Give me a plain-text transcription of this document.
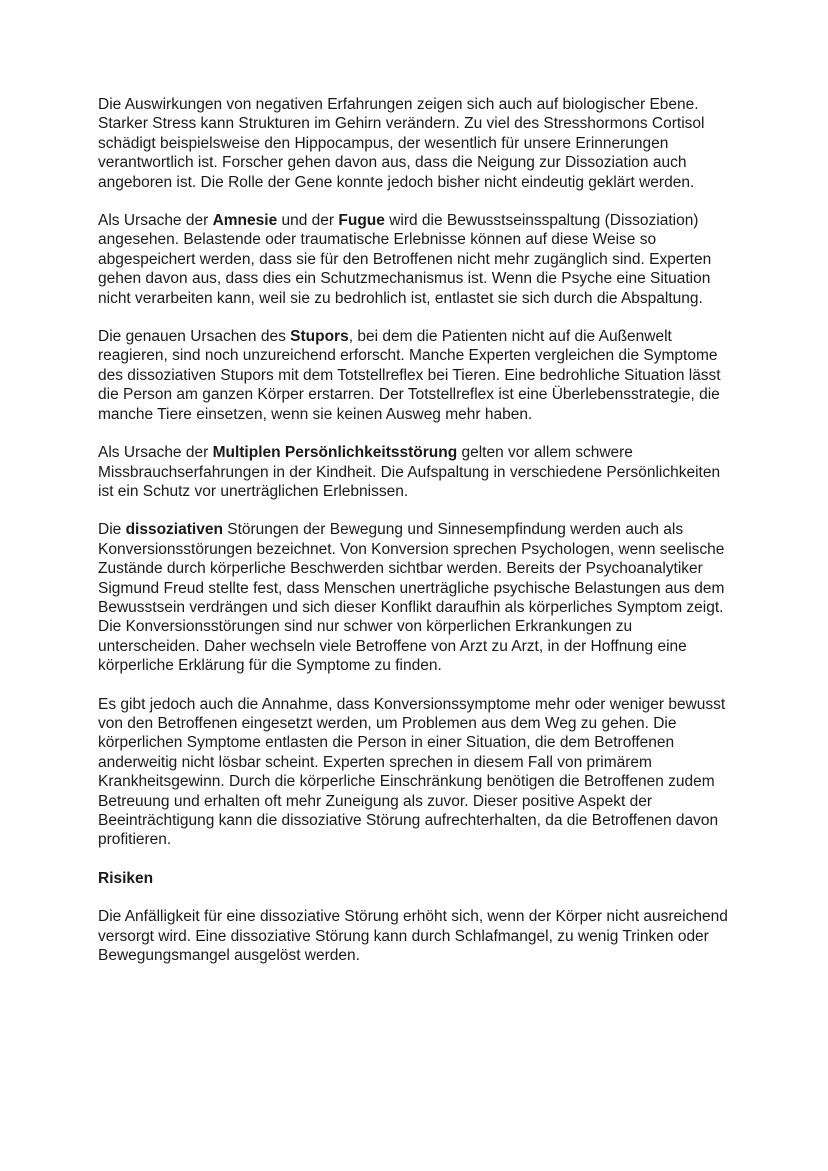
Die Auswirkungen von negativen Erfahrungen zeigen sich auch auf biologischer Ebene. Starker Stress kann Strukturen im Gehirn verändern. Zu viel des Stresshormons Cortisol schädigt beispielsweise den Hippocampus, der wesentlich für unsere Erinnerungen verantwortlich ist. Forscher gehen davon aus, dass die Neigung zur Dissoziation auch angeboren ist. Die Rolle der Gene konnte jedoch bisher nicht eindeutig geklärt werden.

Als Ursache der Amnesie und der Fugue wird die Bewusstseinsspaltung (Dissoziation) angesehen. Belastende oder traumatische Erlebnisse können auf diese Weise so abgespeichert werden, dass sie für den Betroffenen nicht mehr zugänglich sind. Experten gehen davon aus, dass dies ein Schutzmechanismus ist. Wenn die Psyche eine Situation nicht verarbeiten kann, weil sie zu bedrohlich ist, entlastet sie sich durch die Abspaltung.

Die genauen Ursachen des Stupors, bei dem die Patienten nicht auf die Außenwelt reagieren, sind noch unzureichend erforscht. Manche Experten vergleichen die Symptome des dissoziativen Stupors mit dem Totstellreflex bei Tieren. Eine bedrohliche Situation lässt die Person am ganzen Körper erstarren. Der Totstellreflex ist eine Überlebensstrategie, die manche Tiere einsetzen, wenn sie keinen Ausweg mehr haben.

Als Ursache der Multiplen Persönlichkeitsstörung gelten vor allem schwere Missbrauchserfahrungen in der Kindheit. Die Aufspaltung in verschiedene Persönlichkeiten ist ein Schutz vor unerträglichen Erlebnissen.

Die dissoziativen Störungen der Bewegung und Sinnesempfindung werden auch als Konversionsstörungen bezeichnet. Von Konversion sprechen Psychologen, wenn seelische Zustände durch körperliche Beschwerden sichtbar werden. Bereits der Psychoanalytiker Sigmund Freud stellte fest, dass Menschen unerträgliche psychische Belastungen aus dem Bewusstsein verdrängen und sich dieser Konflikt daraufhin als körperliches Symptom zeigt. Die Konversionsstörungen sind nur schwer von körperlichen Erkrankungen zu unterscheiden. Daher wechseln viele Betroffene von Arzt zu Arzt, in der Hoffnung eine körperliche Erklärung für die Symptome zu finden.

Es gibt jedoch auch die Annahme, dass Konversionssymptome mehr oder weniger bewusst von den Betroffenen eingesetzt werden, um Problemen aus dem Weg zu gehen. Die körperlichen Symptome entlasten die Person in einer Situation, die dem Betroffenen anderweitig nicht lösbar scheint. Experten sprechen in diesem Fall von primärem Krankheitsgewinn. Durch die körperliche Einschränkung benötigen die Betroffenen zudem Betreuung und erhalten oft mehr Zuneigung als zuvor. Dieser positive Aspekt der Beeinträchtigung kann die dissoziative Störung aufrechterhalten, da die Betroffenen davon profitieren.

Risiken

Die Anfälligkeit für eine dissoziative Störung erhöht sich, wenn der Körper nicht ausreichend versorgt wird. Eine dissoziative Störung kann durch Schlafmangel, zu wenig Trinken oder Bewegungsmangel ausgelöst werden.
